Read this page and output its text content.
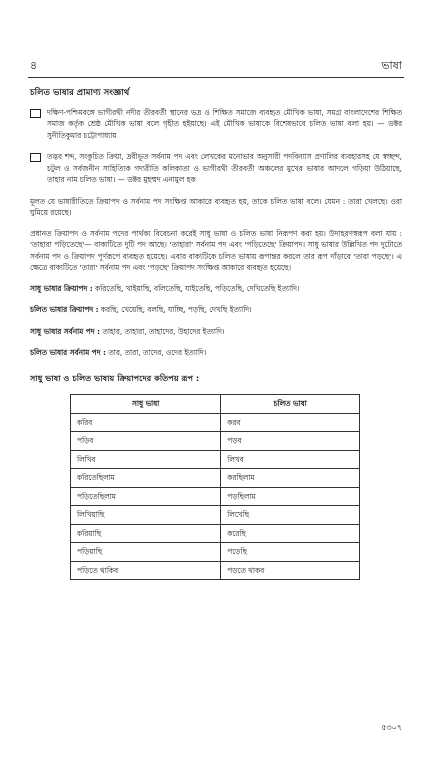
৪	ভাষা
চলিত ভাষার প্রামাণ্য সংজ্ঞার্থ
দক্ষিণ-পশ্চিমবঙ্গে ভাগীরথী নদীর তীরবর্তী স্থানের ভদ্র ও শিক্ষিত সমাজে ব্যবহৃত মৌখিক ভাষা, সমগ্র বাংলাদেশের শিক্ষিত সমাজ কর্তৃক শ্রেষ্ঠ মৌখিক ভাষা বলে গৃহীত হইয়াছে। এই মৌখিক ভাষাকে বিশেষভাবে চলিত ভাষা বলা হয়। — ডক্টর সুনীতিকুমার চট্টোপাধ্যায়
তদ্ভব শব্দ, সংকুচিত ক্রিয়া, দ্রবীভূত সর্বনাম পদ এবং লেখকের মনোভাব অনুসারী পদবিন্যাস প্রণালির ব্যবহারসহ যে স্বচ্ছন্দ, চটুল ও সর্বজনীন সাহিত্যিক গদ্যরীতি কলিকাতা ও ভাগীরথী তীরবর্তী অঞ্চলের মুখের ভাষার আদলে গড়িয়া উঠিয়াছে, তাহার নাম চলিত ভাষা। — ডক্টর মুহম্মদ এনামুল হক

মূলত যে ভাষারীতিতে ক্রিয়াপদ ও সর্বনাম পদ সংক্ষিপ্ত আকারে ব্যবহৃত হয়, তাকে চলিত ভাষা বলে। যেমন : তারা খেলছে। ওরা ঘুমিয়ে রয়েছে।

প্রধানত ক্রিয়াপদ ও সর্বনাম পদের পার্থক্য বিবেচনা করেই সাধু ভাষা ও চলিত ভাষা নিরূপণ করা হয়। উদাহরণস্বরূপ বলা যায় : 'তাহারা পড়িতেছে'— বাক্যটিতে দুটি পদ আছে। 'তাহারা' সর্বনাম পদ এবং 'পড়িতেছে' ক্রিয়াপদ। সাধু ভাষার উল্লিখিত পদ দুটোতে সর্বনাম পদ ও ক্রিয়াপদ পূর্ণরূপে ব্যবহৃত হয়েছে। এবার বাক্যটিকে চলিত ভাষায় রূপান্তর করলে তার রূপ দাঁড়াবে 'তারা পড়ছে'। এ ক্ষেত্রে বাক্যটিতে 'তারা' সর্বনাম পদ এবং 'পড়ছে' ক্রিয়াপদ সংক্ষিপ্ত আকারে ব্যবহৃত হয়েছে।

সাধু ভাষার ক্রিয়াপদ : করিতেছি, খাইয়াছি, বলিতেছি, যাইতেছি, পড়িতেছি, দেখিতেছি ইত্যাদি।
চলিত ভাষার ক্রিয়াপদ : করছি, খেয়েছি, বলছি, যাচ্ছি, পড়ছি, দেখছি ইত্যাদি।
সাধু ভাষার সর্বনাম পদ : তাহার, তাহারা, তাহাদের, উহাদের ইত্যাদি।
চলিত ভাষার সর্বনাম পদ : তার, তারা, তাদের, ওদের ইত্যাদি।
সাধু ভাষা ও চলিত ভাষায় ক্রিয়াপদের কতিপয় রূপ :
সাধু ভাষা	চলিত ভাষা
করিব	করব
পড়িব	পড়ব
লিখিব	লিখব
করিতেছিলাম	করছিলাম
পড়িতেছিলাম	পড়ছিলাম
লিখিয়াছি	লিখেছি
করিয়াছি	করেছি
পড়িয়াছি	পড়েছি
পড়িতে থাকিব	পড়তে থাকব
৫৩০৭
